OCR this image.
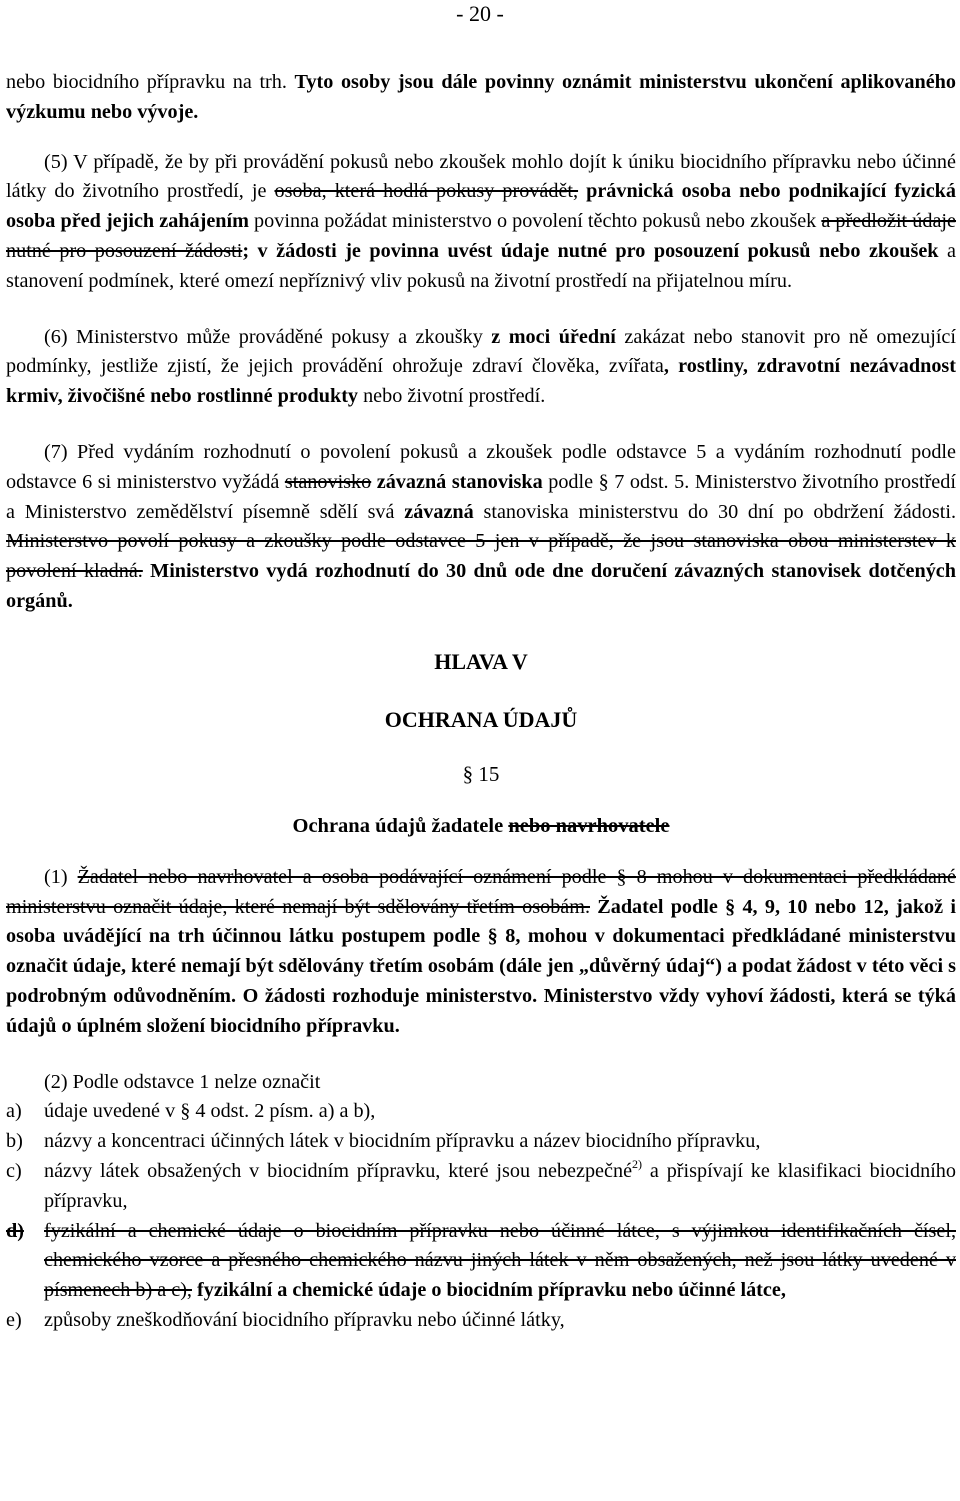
- 20 -

nebo biocidního přípravku na trh. Tyto osoby jsou dále povinny oznámit ministerstvu ukončení aplikovaného výzkumu nebo vývoje.

(5) V případě, že by při provádění pokusů nebo zkoušek mohlo dojít k úniku biocidního přípravku nebo účinné látky do životního prostředí, je osoba, která hodlá pokusy provádět, právnická osoba nebo podnikající fyzická osoba před jejich zahájením povinna požádat ministerstvo o povolení těchto pokusů nebo zkoušek a předložit údaje nutné pro posouzení žádosti; v žádosti je povinna uvést údaje nutné pro posouzení pokusů nebo zkoušek a stanovení podmínek, které omezí nepříznivý vliv pokusů na životní prostředí na přijatelnou míru.

(6) Ministerstvo může prováděné pokusy a zkoušky z moci úřední zakázat nebo stanovit pro ně omezující podmínky, jestliže zjistí, že jejich provádění ohrožuje zdraví člověka, zvířata, rostliny, zdravotní nezávadnost krmiv, živočišné nebo rostlinné produkty nebo životní prostředí.

(7) Před vydáním rozhodnutí o povolení pokusů a zkoušek podle odstavce 5 a vydáním rozhodnutí podle odstavce 6 si ministerstvo vyžádá stanovisko závazná stanoviska podle § 7 odst. 5. Ministerstvo životního prostředí a Ministerstvo zemědělství písemně sdělí svá závazná stanoviska ministerstvu do 30 dní po obdržení žádosti. Ministerstvo povolí pokusy a zkoušky podle odstavce 5 jen v případě, že jsou stanoviska obou ministerstev k povolení kladná. Ministerstvo vydá rozhodnutí do 30 dnů ode dne doručení závazných stanovisek dotčených orgánů.

HLAVA V

OCHRANA ÚDAJŮ

§ 15

Ochrana údajů žadatele nebo navrhovatele

(1) Žadatel nebo navrhovatel a osoba podávající oznámení podle § 8 mohou v dokumentaci předkládané ministerstvu označit údaje, které nemají být sdělovány třetím osobám. Žadatel podle § 4, 9, 10 nebo 12, jakož i osoba uvádějící na trh účinnou látku postupem podle § 8, mohou v dokumentaci předkládané ministerstvu označit údaje, které nemají být sdělovány třetím osobám (dále jen „důvěrný údaj“) a podat žádost v této věci s podrobným odůvodněním. O žádosti rozhoduje ministerstvo. Ministerstvo vždy vyhoví žádosti, která se týká údajů o úplném složení biocidního přípravku.

(2) Podle odstavce 1 nelze označit

a)	údaje uvedené v § 4 odst. 2 písm. a) a b),
b)	názvy a koncentraci účinných látek v biocidním přípravku a název biocidního přípravku,
c)	názvy látek obsažených v biocidním přípravku, které jsou nebezpečné$^{2)}$ a přispívají ke klasifikaci biocidního přípravku,
d) fyzikální a chemické údaje o biocidním přípravku nebo účinné látce, s výjimkou identifikačních čísel, chemického vzorce a přesného chemického názvu jiných látek v něm obsažených, než jsou látky uvedené v písmenech b) a c), fyzikální a chemické údaje o biocidním přípravku nebo účinné látce,
e)	způsoby zneškodňování biocidního přípravku nebo účinné látky,
